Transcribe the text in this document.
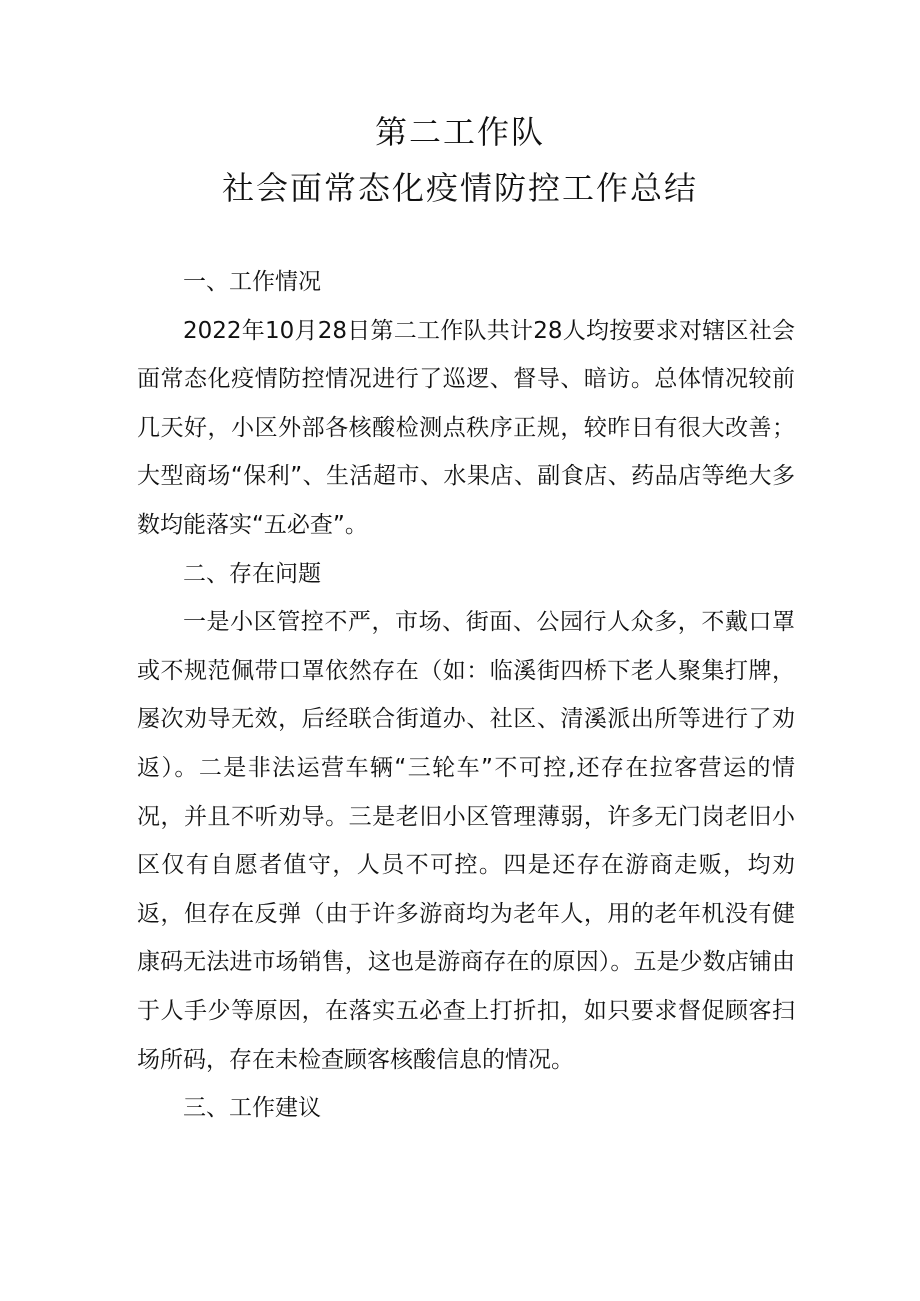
第二工作队
社会面常态化疫情防控工作总结

一、工作情况

2022年10月28日第二工作队共计28人均按要求对辖区社会面常态化疫情防控情况进行了巡逻、督导、暗访。总体情况较前几天好，小区外部各核酸检测点秩序正规，较昨日有很大改善；大型商场“保利”、生活超市、水果店、副食店、药品店等绝大多数均能落实“五必查”。

二、存在问题

一是小区管控不严，市场、街面、公园行人众多，不戴口罩或不规范佩带口罩依然存在（如：临溪街四桥下老人聚集打牌，屡次劝导无效，后经联合街道办、社区、清溪派出所等进行了劝返）。二是非法运营车辆“三轮车”不可控,还存在拉客营运的情况，并且不听劝导。三是老旧小区管理薄弱，许多无门岗老旧小区仅有自愿者值守，人员不可控。四是还存在游商走贩，均劝返，但存在反弹（由于许多游商均为老年人，用的老年机没有健康码无法进市场销售，这也是游商存在的原因）。五是少数店铺由于人手少等原因，在落实五必查上打折扣，如只要求督促顾客扫场所码，存在未检查顾客核酸信息的情况。

三、工作建议
